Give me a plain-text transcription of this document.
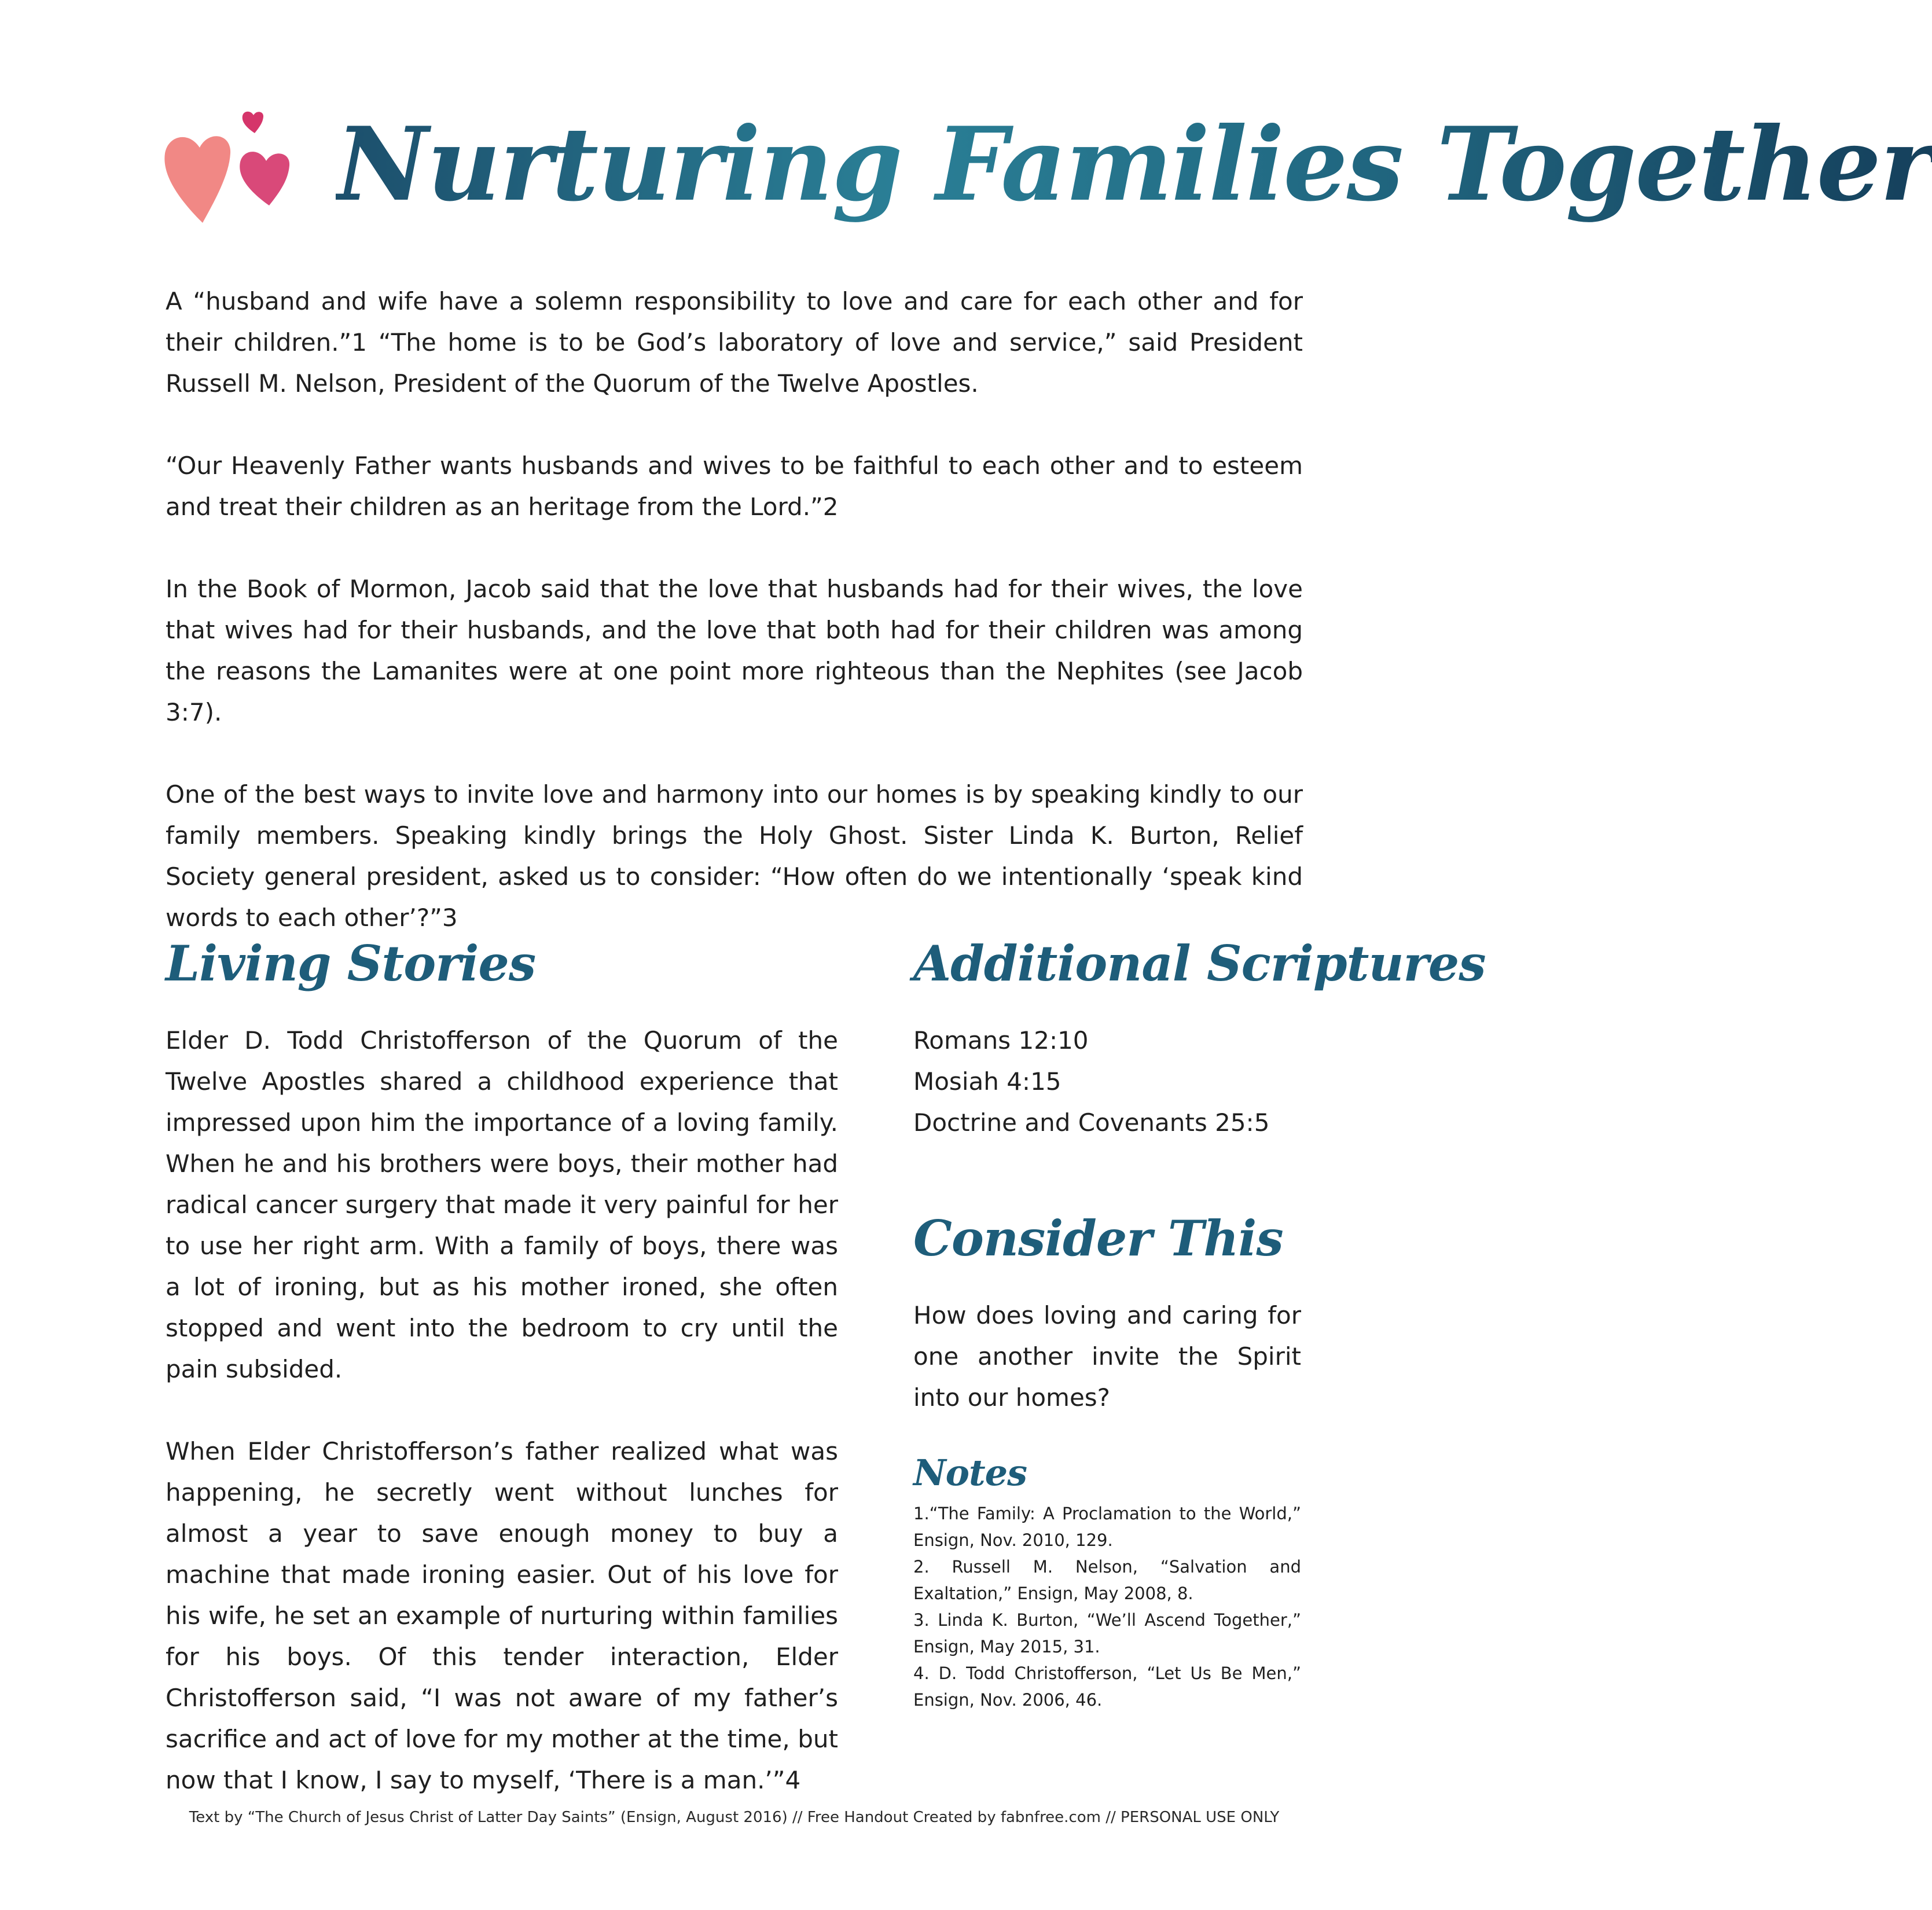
Nurturing Families Together

A “husband and wife have a solemn responsibility to love and care for each other and for their children.”1 “The home is to be God’s laboratory of love and service,” said President Russell M. Nelson, President of the Quorum of the Twelve Apostles.

“Our Heavenly Father wants husbands and wives to be faithful to each other and to esteem and treat their children as an heritage from the Lord.”2

In the Book of Mormon, Jacob said that the love that husbands had for their wives, the love that wives had for their husbands, and the love that both had for their children was among the reasons the Lamanites were at one point more righteous than the Nephites (see Jacob 3:7).

One of the best ways to invite love and harmony into our homes is by speaking kindly to our family members. Speaking kindly brings the Holy Ghost. Sister Linda K. Burton, Relief Society general president, asked us to consider: “How often do we intentionally ‘speak kind words to each other’?”3

Living Stories

Elder D. Todd Christofferson of the Quorum of the Twelve Apostles shared a childhood experience that impressed upon him the importance of a loving family. When he and his brothers were boys, their mother had radical cancer surgery that made it very painful for her to use her right arm. With a family of boys, there was a lot of ironing, but as his mother ironed, she often stopped and went into the bedroom to cry until the pain subsided.

When Elder Christofferson’s father realized what was happening, he secretly went without lunches for almost a year to save enough money to buy a machine that made ironing easier. Out of his love for his wife, he set an example of nurturing within families for his boys. Of this tender interaction, Elder Christofferson said, “I was not aware of my father’s sacrifice and act of love for my mother at the time, but now that I know, I say to myself, ‘There is a man.’”4

Additional Scriptures
Romans 12:10
Mosiah 4:15
Doctrine and Covenants 25:5
Consider This

How does loving and caring for one another invite the Spirit into our homes?

Notes
1.“The Family: A Proclamation to the World,” Ensign, Nov. 2010, 129.
2. Russell M. Nelson, “Salvation and Exaltation,” Ensign, May 2008, 8.
3. Linda K. Burton, “We’ll Ascend Together,” Ensign, May 2015, 31.
4. D. Todd Christofferson, “Let Us Be Men,” Ensign, Nov. 2006, 46.

Text by “The Church of Jesus Christ of Latter Day Saints” (Ensign, August 2016) // Free Handout Created by fabnfree.com // PERSONAL USE ONLY
